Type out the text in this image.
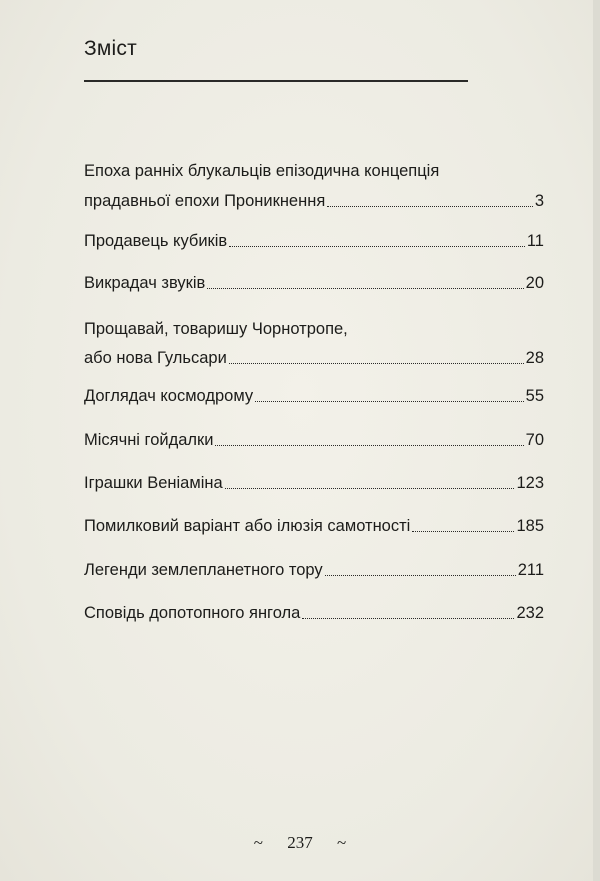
Зміст
Епоха ранніх блукальців епізодична концепція
прадавньої епохи Проникнення	3
Продавець кубиків	11
Викрадач звуків	20
Прощавай, товаришу Чорнотропе,
або нова Гульсари	28
Доглядач космодрому	55
Місячні гойдалки	70
Іграшки Веніаміна	123
Помилковий варіант або ілюзія самотності	185
Легенди землепланетного тору	211
Сповідь допотопного янгола	232
~ 237 ~
